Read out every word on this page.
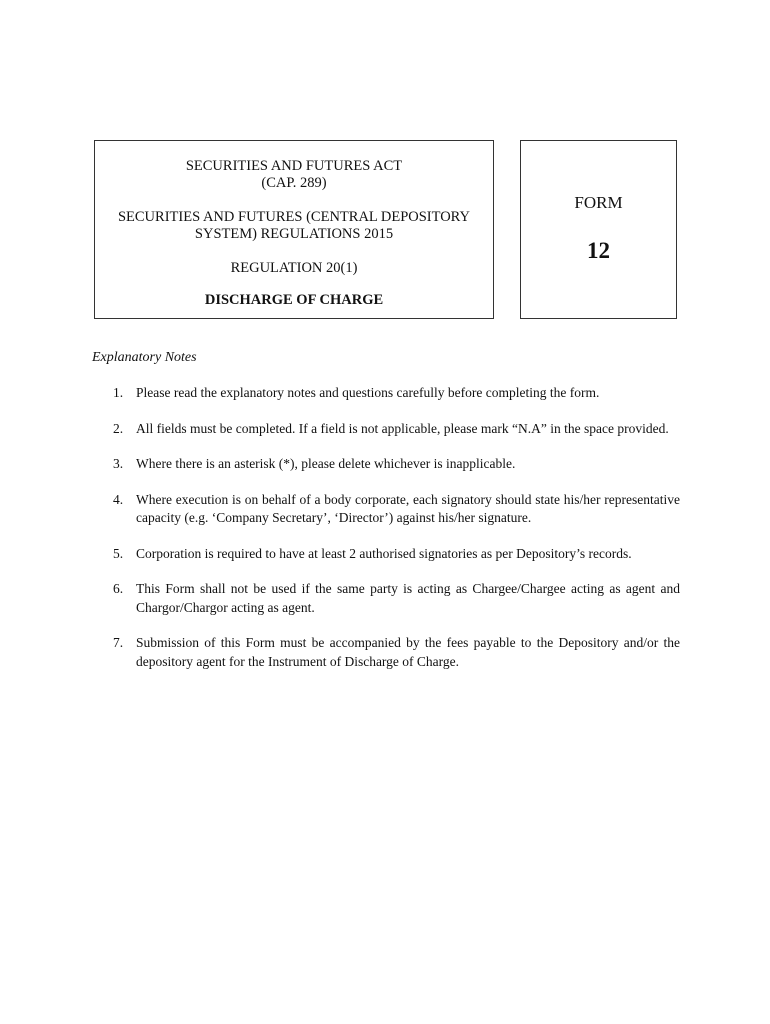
SECURITIES AND FUTURES ACT
(CAP. 289)
SECURITIES AND FUTURES (CENTRAL DEPOSITORY
SYSTEM) REGULATIONS 2015
REGULATION 20(1)
DISCHARGE OF CHARGE
FORM
12
Explanatory Notes
1. Please read the explanatory notes and questions carefully before completing the form.
2. All fields must be completed. If a field is not applicable, please mark “N.A” in the space provided.
3. Where there is an asterisk (*), please delete whichever is inapplicable.
4. Where execution is on behalf of a body corporate, each signatory should state his/her representative capacity (e.g. ‘Company Secretary’, ‘Director’) against his/her signature.
5. Corporation is required to have at least 2 authorised signatories as per Depository’s records.
6. This Form shall not be used if the same party is acting as Chargee/Chargee acting as agent and Chargor/Chargor acting as agent.
7. Submission of this Form must be accompanied by the fees payable to the Depository and/or the depository agent for the Instrument of Discharge of Charge.
